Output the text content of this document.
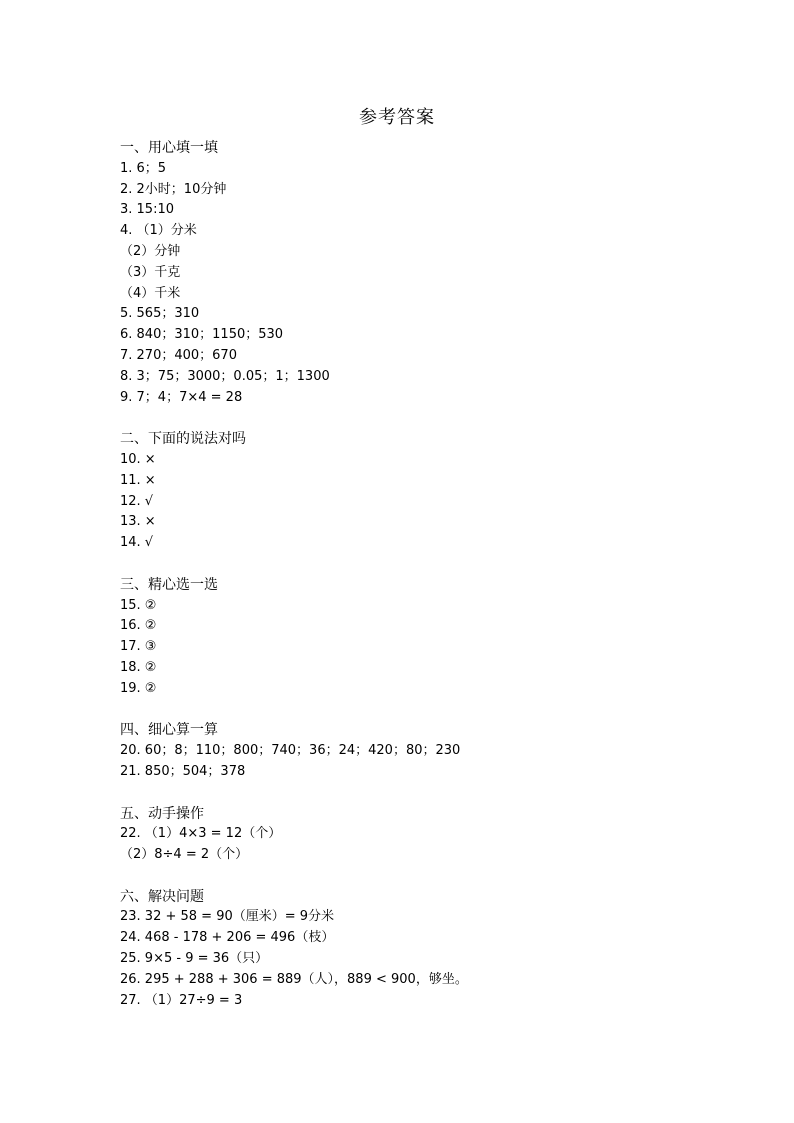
参考答案
一、用心填一填
1. 6；5
2. 2小时；10分钟
3. 15:10
4. （1）分米
（2）分钟
（3）千克
（4）千米
5. 565；310
6. 840；310；1150；530
7. 270；400；670
8. 3；75；3000；0.05；1；1300
9. 7；4；7×4 = 28
二、下面的说法对吗
10. ×
11. ×
12. √
13. ×
14. √
三、精心选一选
15. ②
16. ②
17. ③
18. ②
19. ②
四、细心算一算
20. 60；8；110；800；740；36；24；420；80；230
21. 850；504；378
五、动手操作
22. （1）4×3 = 12（个）
（2）8÷4 = 2（个）
六、解决问题
23. 32 + 58 = 90（厘米）= 9分米
24. 468 - 178 + 206 = 496（枝）
25. 9×5 - 9 = 36（只）
26. 295 + 288 + 306 = 889（人），889 < 900，够坐。
27. （1）27÷9 = 3
